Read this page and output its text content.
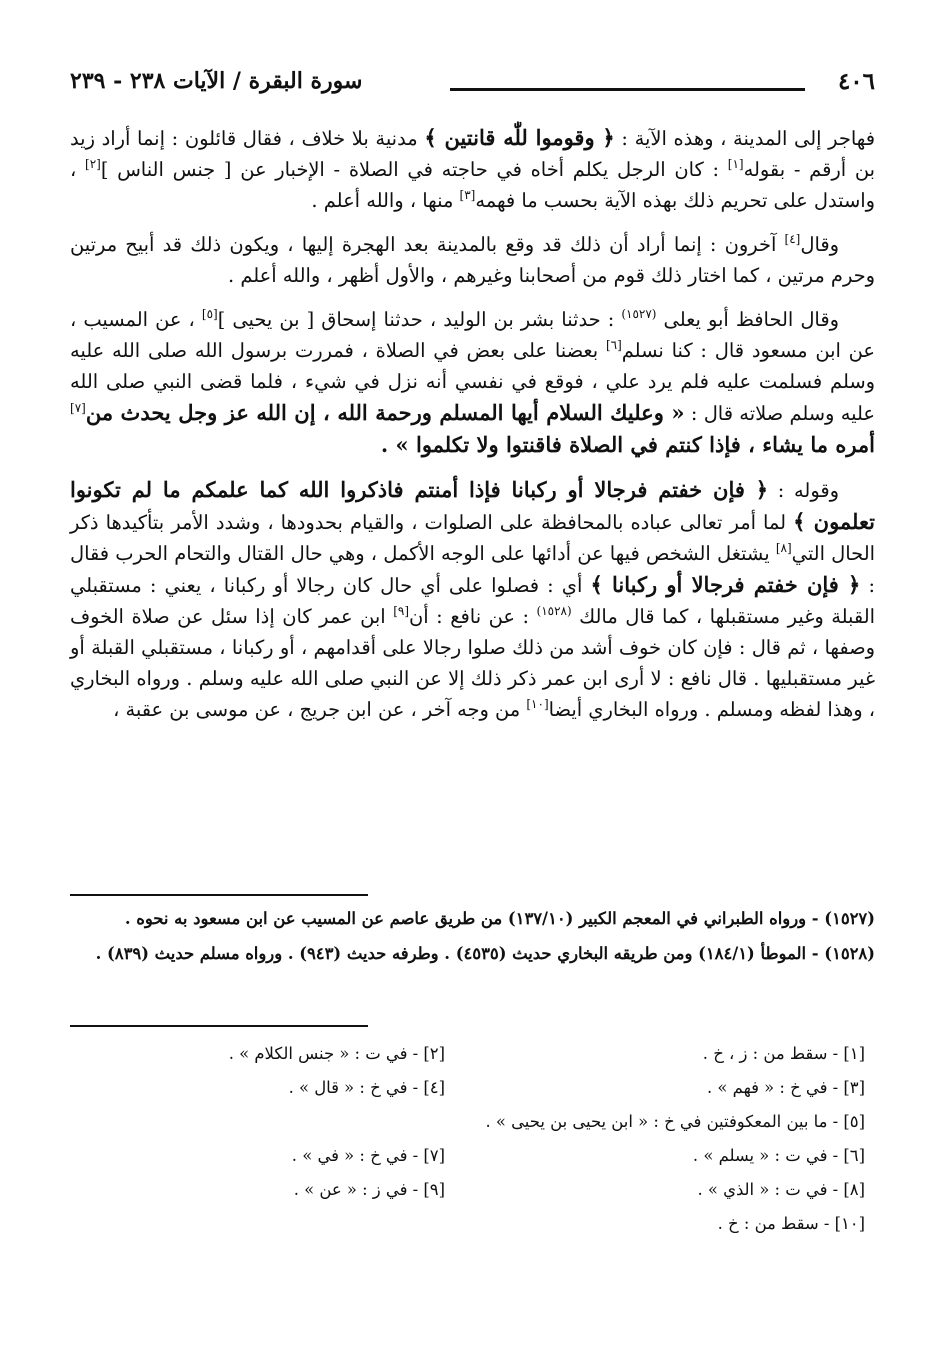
٤٠٦
سورة البقرة / الآيات ٢٣٨ - ٢٣٩

فهاجر إلى المدينة ، وهذه الآية : ﴿ وقوموا للّٰه قانتين ﴾ مدنية بلا خلاف ، فقال قائلون : إنما أراد زيد بن أرقم - بقوله[١] : كان الرجل يكلم أخاه في حاجته في الصلاة - الإخبار عن [ جنس الناس ][٢] ، واستدل على تحريم ذلك بهذه الآية بحسب ما فهمه[٣] منها ، والله أعلم .

وقال[٤] آخرون : إنما أراد أن ذلك قد وقع بالمدينة بعد الهجرة إليها ، ويكون ذلك قد أبيح مرتين وحرم مرتين ، كما اختار ذلك قوم من أصحابنا وغيرهم ، والأول أظهر ، والله أعلم .

وقال الحافظ أبو يعلى $^{(١٥٢٧)}$ : حدثنا بشر بن الوليد ، حدثنا إسحاق [ بن يحيى ][٥] ، عن المسيب ، عن ابن مسعود قال : كنا نسلم[٦] بعضنا على بعض في الصلاة ، فمررت برسول الله صلى الله عليه وسلم فسلمت عليه فلم يرد علي ، فوقع في نفسي أنه نزل في شيء ، فلما قضى النبي صلى الله عليه وسلم صلاته قال : « وعليك السلام أيها المسلم ورحمة الله ، إن الله عز وجل يحدث من[٧] أمره ما يشاء ، فإذا كنتم في الصلاة فاقنتوا ولا تكلموا » .

وقوله : ﴿ فإن خفتم فرجالا أو ركبانا فإذا أمنتم فاذكروا الله كما علمكم ما لم تكونوا تعلمون ﴾ لما أمر تعالى عباده بالمحافظة على الصلوات ، والقيام بحدودها ، وشدد الأمر بتأكيدها ذكر الحال التي[٨] يشتغل الشخص فيها عن أدائها على الوجه الأكمل ، وهي حال القتال والتحام الحرب فقال : ﴿ فإن خفتم فرجالا أو ركبانا ﴾ أي : فصلوا على أي حال كان رجالا أو ركبانا ، يعني : مستقبلي القبلة وغير مستقبلها ، كما قال مالك $^{(١٥٢٨)}$ : عن نافع : أن[٩] ابن عمر كان إذا سئل عن صلاة الخوف وصفها ، ثم قال : فإن كان خوف أشد من ذلك صلوا رجالا على أقدامهم ، أو ركبانا ، مستقبلي القبلة أو غير مستقبليها . قال نافع : لا أرى ابن عمر ذكر ذلك إلا عن النبي صلى الله عليه وسلم . ورواه البخاري ، وهذا لفظه ومسلم . ورواه البخاري أيضا[١٠] من وجه آخر ، عن ابن جريج ، عن موسى بن عقبة ،

(١٥٢٧) - ورواه الطبراني في المعجم الكبير (١٣٧/١٠) من طريق عاصم عن المسيب عن ابن مسعود به نحوه .

(١٥٢٨) - الموطأ (١٨٤/١) ومن طريقه البخاري حديث (٤٥٣٥) . وطرفه حديث (٩٤٣) . ورواه مسلم حديث (٨٣٩) .

[١] - سقط من : ز ، خ .
[٢] - في ت : « جنس الكلام » .
[٣] - في خ : « فهم » .
[٤] - في خ : « قال » .
[٥] - ما بين المعكوفتين في خ : « ابن يحيى بن يحيى » .
[٦] - في ت : « يسلم » .
[٧] - في خ : « في » .
[٨] - في ت : « الذي » .
[٩] - في ز : « عن » .
[١٠] - سقط من : خ .
